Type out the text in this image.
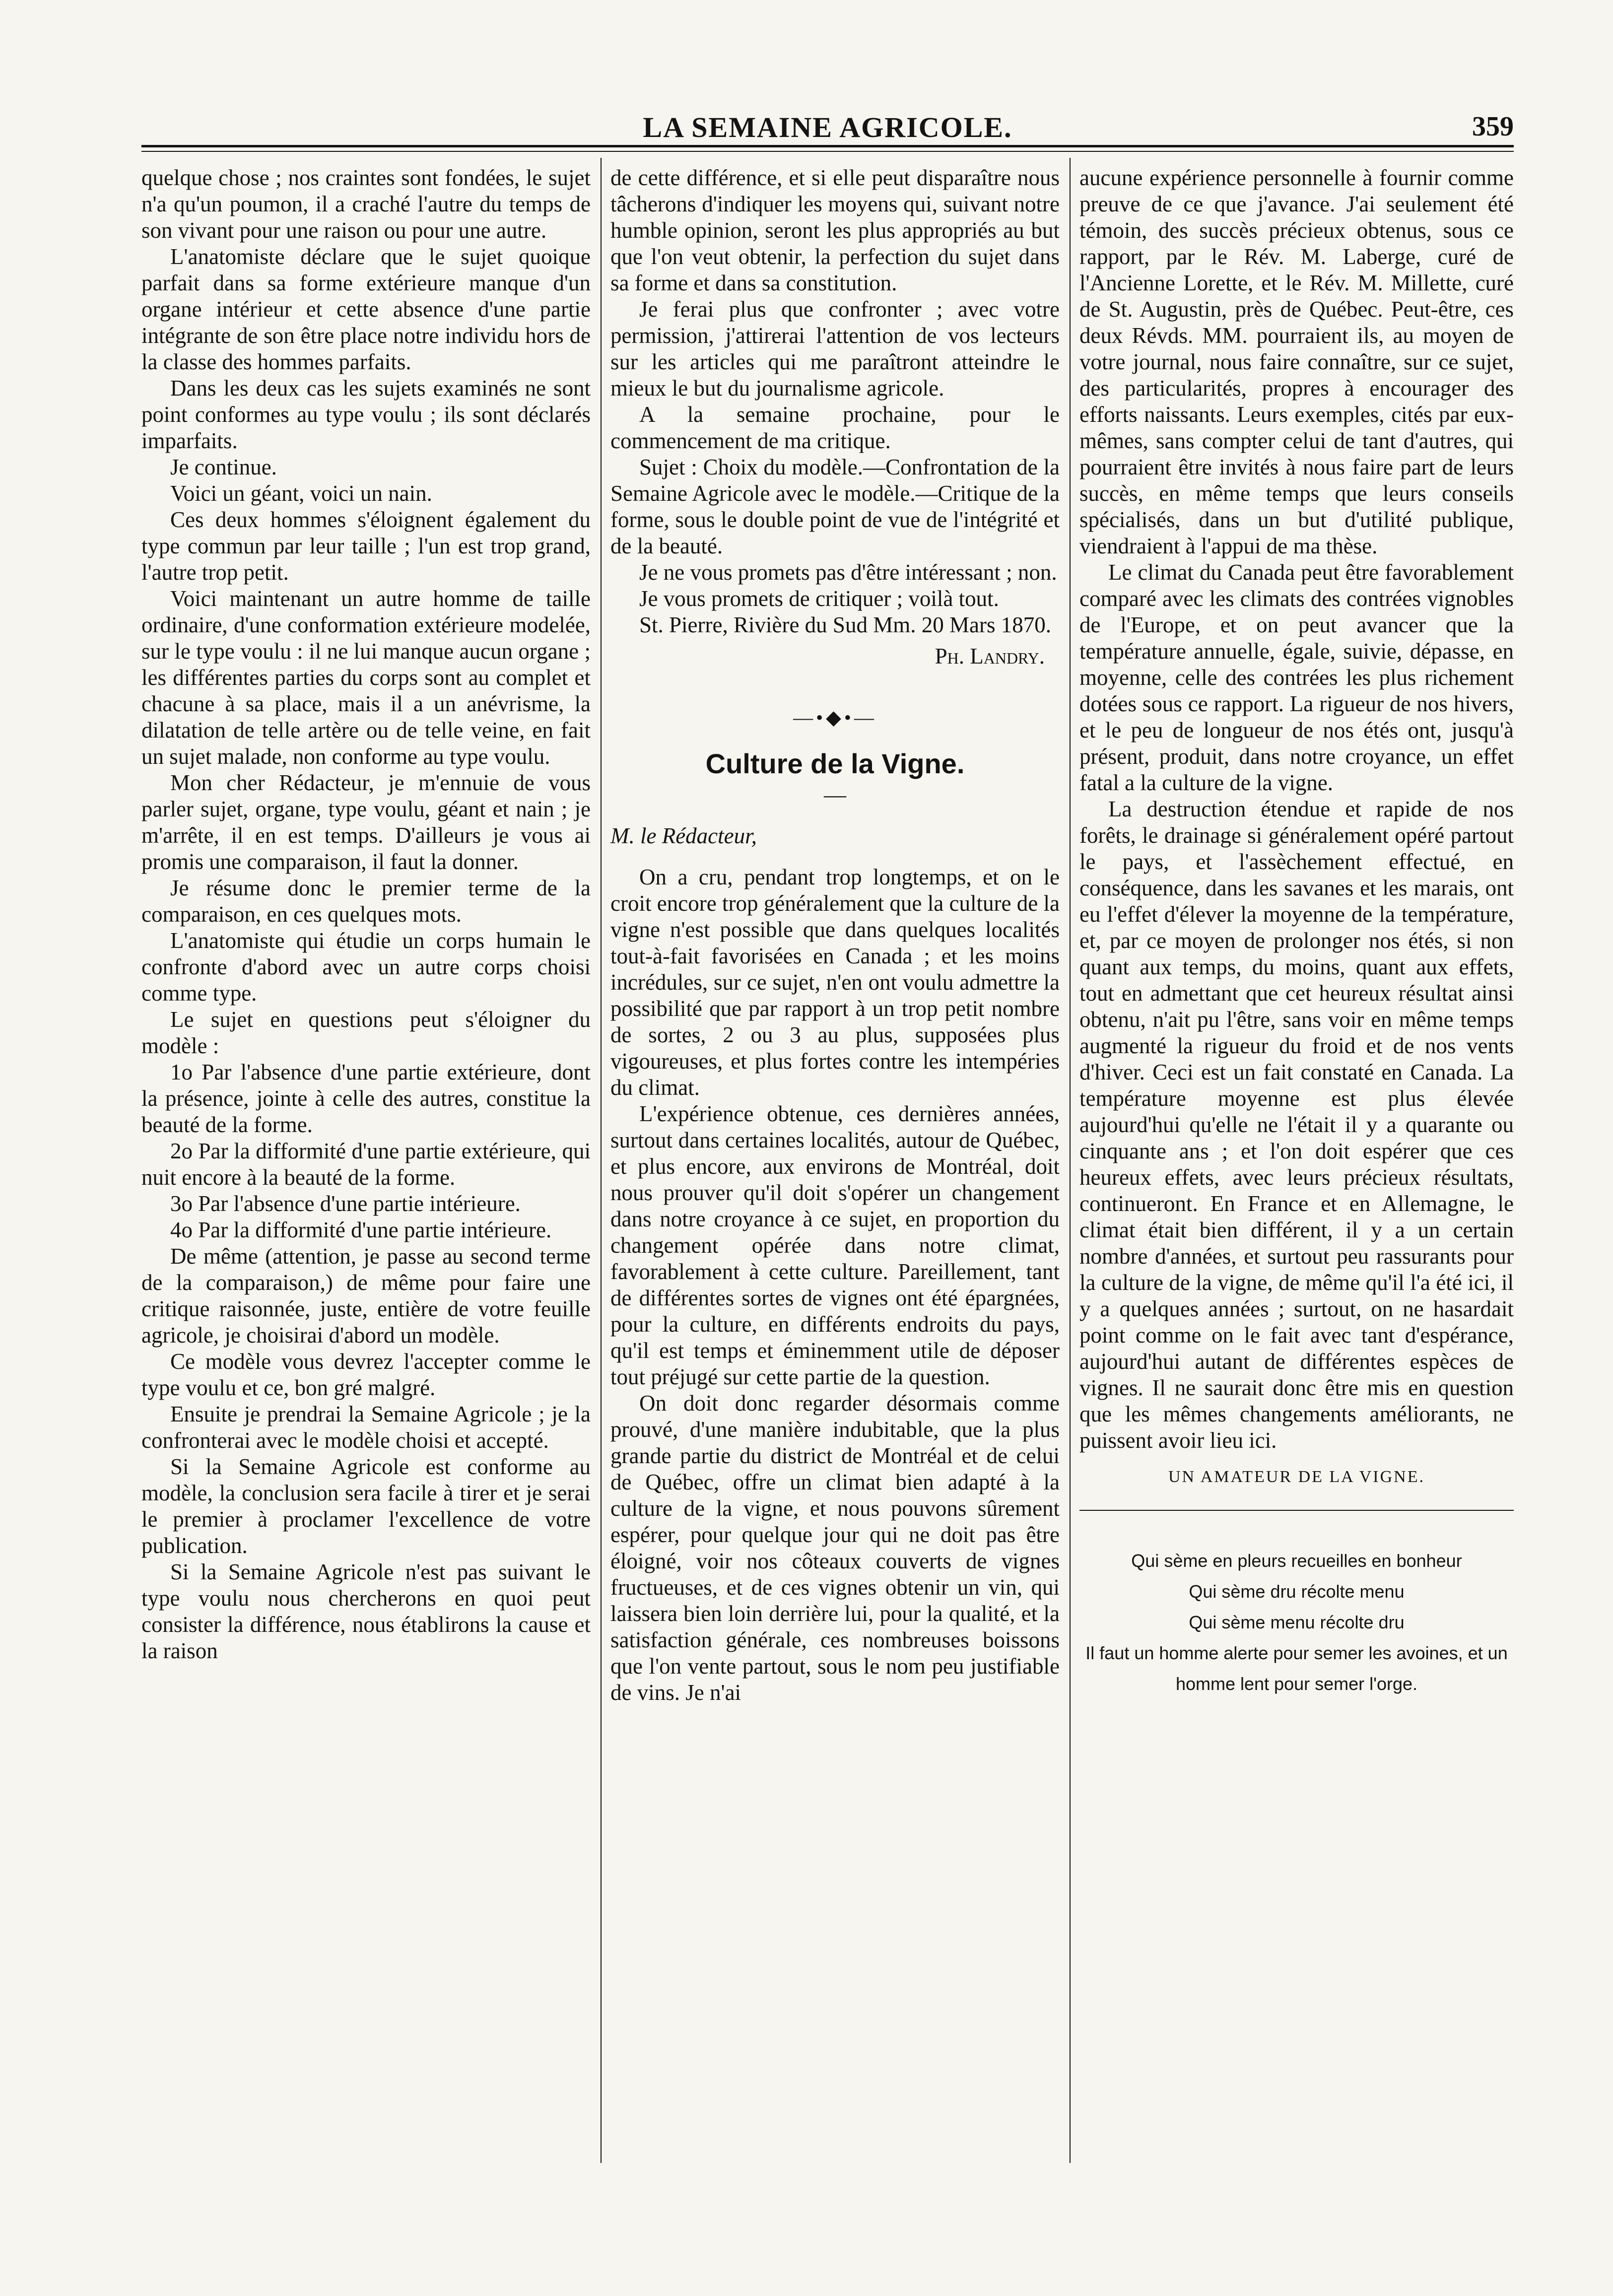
LA SEMAINE AGRICOLE.	359

quelque chose ; nos craintes sont fondées, le sujet n'a qu'un poumon, il a craché l'autre du temps de son vivant pour une raison ou pour une autre.

L'anatomiste déclare que le sujet quoique parfait dans sa forme extérieure manque d'un organe intérieur et cette absence d'une partie intégrante de son être place notre individu hors de la classe des hommes parfaits.

Dans les deux cas les sujets examinés ne sont point conformes au type voulu ; ils sont déclarés imparfaits.

Je continue.

Voici un géant, voici un nain.

Ces deux hommes s'éloignent également du type commun par leur taille ; l'un est trop grand, l'autre trop petit.

Voici maintenant un autre homme de taille ordinaire, d'une conformation extérieure modelée, sur le type voulu : il ne lui manque aucun organe ; les différentes parties du corps sont au complet et chacune à sa place, mais il a un anévrisme, la dilatation de telle artère ou de telle veine, en fait un sujet malade, non conforme au type voulu.

Mon cher Rédacteur, je m'ennuie de vous parler sujet, organe, type voulu, géant et nain ; je m'arrête, il en est temps. D'ailleurs je vous ai promis une comparaison, il faut la donner.

Je résume donc le premier terme de la comparaison, en ces quelques mots.

L'anatomiste qui étudie un corps humain le confronte d'abord avec un autre corps choisi comme type.

Le sujet en questions peut s'éloigner du modèle :

1o Par l'absence d'une partie extérieure, dont la présence, jointe à celle des autres, constitue la beauté de la forme.

2o Par la difformité d'une partie extérieure, qui nuit encore à la beauté de la forme.

3o Par l'absence d'une partie intérieure.

4o Par la difformité d'une partie intérieure.

De même (attention, je passe au second terme de la comparaison,) de même pour faire une critique raisonnée, juste, entière de votre feuille agricole, je choisirai d'abord un modèle.

Ce modèle vous devrez l'accepter comme le type voulu et ce, bon gré malgré.

Ensuite je prendrai la Semaine Agricole ; je la confronterai avec le modèle choisi et accepté.

Si la Semaine Agricole est conforme au modèle, la conclusion sera facile à tirer et je serai le premier à proclamer l'excellence de votre publication.

Si la Semaine Agricole n'est pas suivant le type voulu nous chercherons en quoi peut consister la différence, nous établirons la cause et la raison

de cette différence, et si elle peut disparaître nous tâcherons d'indiquer les moyens qui, suivant notre humble opinion, seront les plus appropriés au but que l'on veut obtenir, la perfection du sujet dans sa forme et dans sa constitution.

Je ferai plus que confronter ; avec votre permission, j'attirerai l'attention de vos lecteurs sur les articles qui me paraîtront atteindre le mieux le but du journalisme agricole.

A la semaine prochaine, pour le commencement de ma critique.

Sujet : Choix du modèle.—Confrontation de la Semaine Agricole avec le modèle.—Critique de la forme, sous le double point de vue de l'intégrité et de la beauté.

Je ne vous promets pas d'être intéressant ; non.

Je vous promets de critiquer ; voilà tout.

St. Pierre, Rivière du Sud Mm. 20 Mars 1870.

Ph. Landry.
—•◆•—
Culture de la Vigne.
—

M. le Rédacteur,

On a cru, pendant trop longtemps, et on le croit encore trop généralement que la culture de la vigne n'est possible que dans quelques localités tout-à-fait favorisées en Canada ; et les moins incrédules, sur ce sujet, n'en ont voulu admettre la possibilité que par rapport à un trop petit nombre de sortes, 2 ou 3 au plus, supposées plus vigoureuses, et plus fortes contre les intempéries du climat.

L'expérience obtenue, ces dernières années, surtout dans certaines localités, autour de Québec, et plus encore, aux environs de Montréal, doit nous prouver qu'il doit s'opérer un changement dans notre croyance à ce sujet, en proportion du changement opérée dans notre climat, favorablement à cette culture. Pareillement, tant de différentes sortes de vignes ont été épargnées, pour la culture, en différents endroits du pays, qu'il est temps et éminemment utile de déposer tout préjugé sur cette partie de la question.

On doit donc regarder désormais comme prouvé, d'une manière indubitable, que la plus grande partie du district de Montréal et de celui de Québec, offre un climat bien adapté à la culture de la vigne, et nous pouvons sûrement espérer, pour quelque jour qui ne doit pas être éloigné, voir nos côteaux couverts de vignes fructueuses, et de ces vignes obtenir un vin, qui laissera bien loin derrière lui, pour la qualité, et la satisfaction générale, ces nombreuses boissons que l'on vente partout, sous le nom peu justifiable de vins. Je n'ai

aucune expérience personnelle à fournir comme preuve de ce que j'avance. J'ai seulement été témoin, des succès précieux obtenus, sous ce rapport, par le Rév. M. Laberge, curé de l'Ancienne Lorette, et le Rév. M. Millette, curé de St. Augustin, près de Québec. Peut-être, ces deux Révds. MM. pourraient ils, au moyen de votre journal, nous faire connaître, sur ce sujet, des particularités, propres à encourager des efforts naissants. Leurs exemples, cités par eux-mêmes, sans compter celui de tant d'autres, qui pourraient être invités à nous faire part de leurs succès, en même temps que leurs conseils spécialisés, dans un but d'utilité publique, viendraient à l'appui de ma thèse.

Le climat du Canada peut être favorablement comparé avec les climats des contrées vignobles de l'Europe, et on peut avancer que la température annuelle, égale, suivie, dépasse, en moyenne, celle des contrées les plus richement dotées sous ce rapport. La rigueur de nos hivers, et le peu de longueur de nos étés ont, jusqu'à présent, produit, dans notre croyance, un effet fatal a la culture de la vigne.

La destruction étendue et rapide de nos forêts, le drainage si généralement opéré partout le pays, et l'assèchement effectué, en conséquence, dans les savanes et les marais, ont eu l'effet d'élever la moyenne de la température, et, par ce moyen de prolonger nos étés, si non quant aux temps, du moins, quant aux effets, tout en admettant que cet heureux résultat ainsi obtenu, n'ait pu l'être, sans voir en même temps augmenté la rigueur du froid et de nos vents d'hiver. Ceci est un fait constaté en Canada. La température moyenne est plus élevée aujourd'hui qu'elle ne l'était il y a quarante ou cinquante ans ; et l'on doit espérer que ces heureux effets, avec leurs précieux résultats, continueront. En France et en Allemagne, le climat était bien différent, il y a un certain nombre d'années, et surtout peu rassurants pour la culture de la vigne, de même qu'il l'a été ici, il y a quelques années ; surtout, on ne hasardait point comme on le fait avec tant d'espérance, aujourd'hui autant de différentes espèces de vignes. Il ne saurait donc être mis en question que les mêmes changements améliorants, ne puissent avoir lieu ici.

UN AMATEUR DE LA VIGNE.
Qui sème en pleurs recueilles en bonheur
Qui sème dru récolte menu
Qui sème menu récolte dru
Il faut un homme alerte pour semer les avoines, et un homme lent pour semer l'orge.
